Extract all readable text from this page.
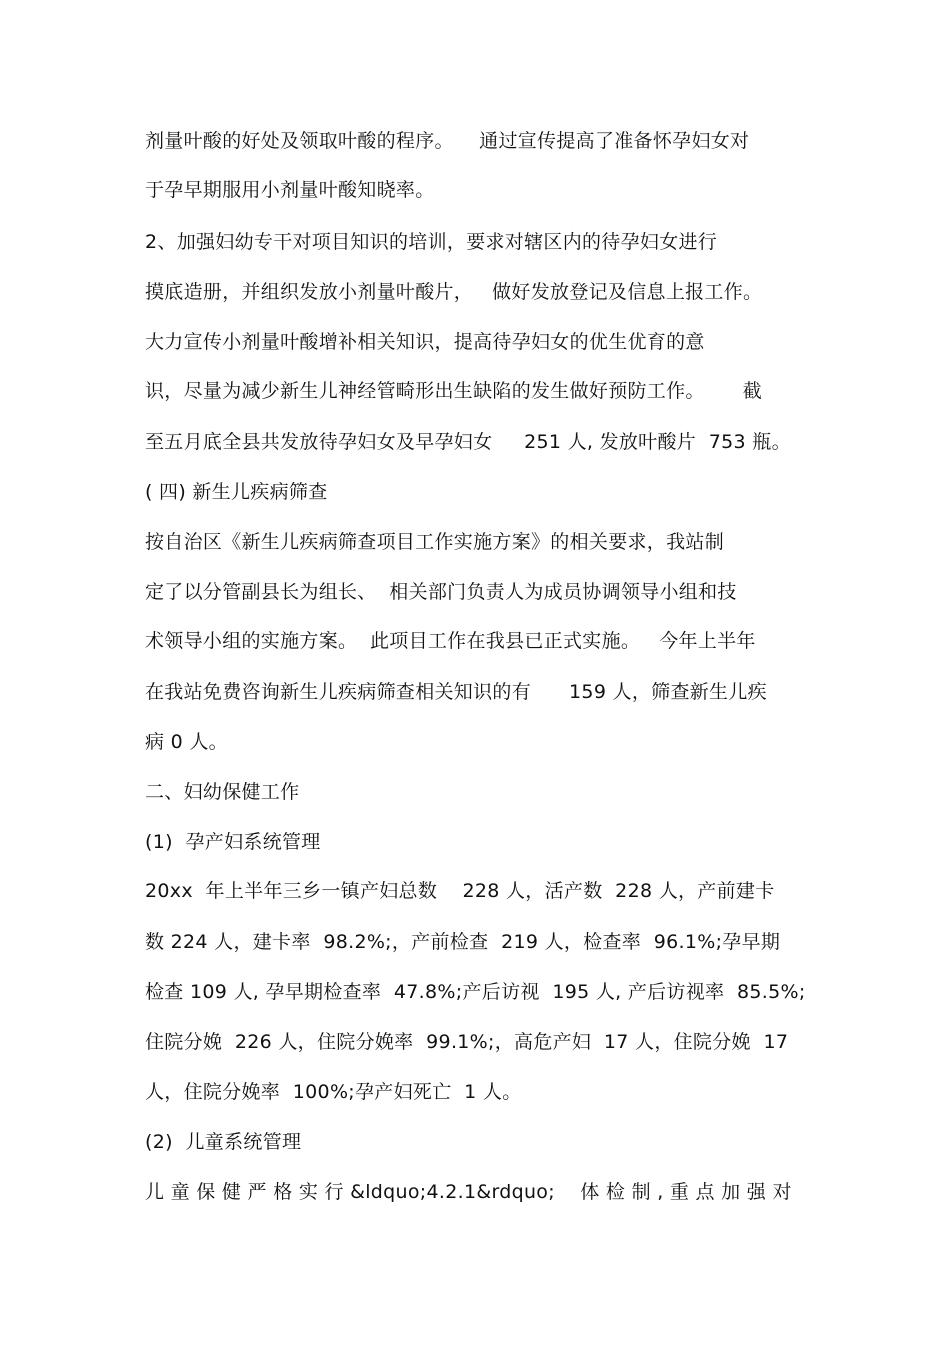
剂量叶酸的好处及领取叶酸的程序。    通过宣传提高了准备怀孕妇女对
于孕早期服用小剂量叶酸知晓率。
2、加强妇幼专干对项目知识的培训，要求对辖区内的待孕妇女进行
摸底造册，并组织发放小剂量叶酸片，   做好发放登记及信息上报工作。
大力宣传小剂量叶酸增补相关知识，提高待孕妇女的优生优育的意
识，尽量为减少新生儿神经管畸形出生缺陷的发生做好预防工作。      截
至五月底全县共发放待孕妇女及早孕妇女     251 人, 发放叶酸片  753 瓶。
( 四) 新生儿疾病筛查
按自治区《新生儿疾病筛查项目工作实施方案》的相关要求，我站制
定了以分管副县长为组长、  相关部门负责人为成员协调领导小组和技
术领导小组的实施方案。  此项目工作在我县已正式实施。   今年上半年
在我站免费咨询新生儿疾病筛查相关知识的有      159 人，筛查新生儿疾
病 0 人。
二、妇幼保健工作
(1)  孕产妇系统管理
20xx  年上半年三乡一镇产妇总数    228 人，活产数  228 人，产前建卡
数 224 人，建卡率  98.2%;，产前检查  219 人，检查率  96.1%;孕早期
检查 109 人, 孕早期检查率  47.8%;产后访视  195 人, 产后访视率  85.5%;
住院分娩  226 人，住院分娩率  99.1%;，高危产妇  17 人，住院分娩  17
人，住院分娩率  100%;孕产妇死亡  1 人。
(2)  儿童系统管理
儿 童 保 健 严 格 实 行 &ldquo;4.2.1&rdquo;    体 检 制 , 重 点 加 强 对
